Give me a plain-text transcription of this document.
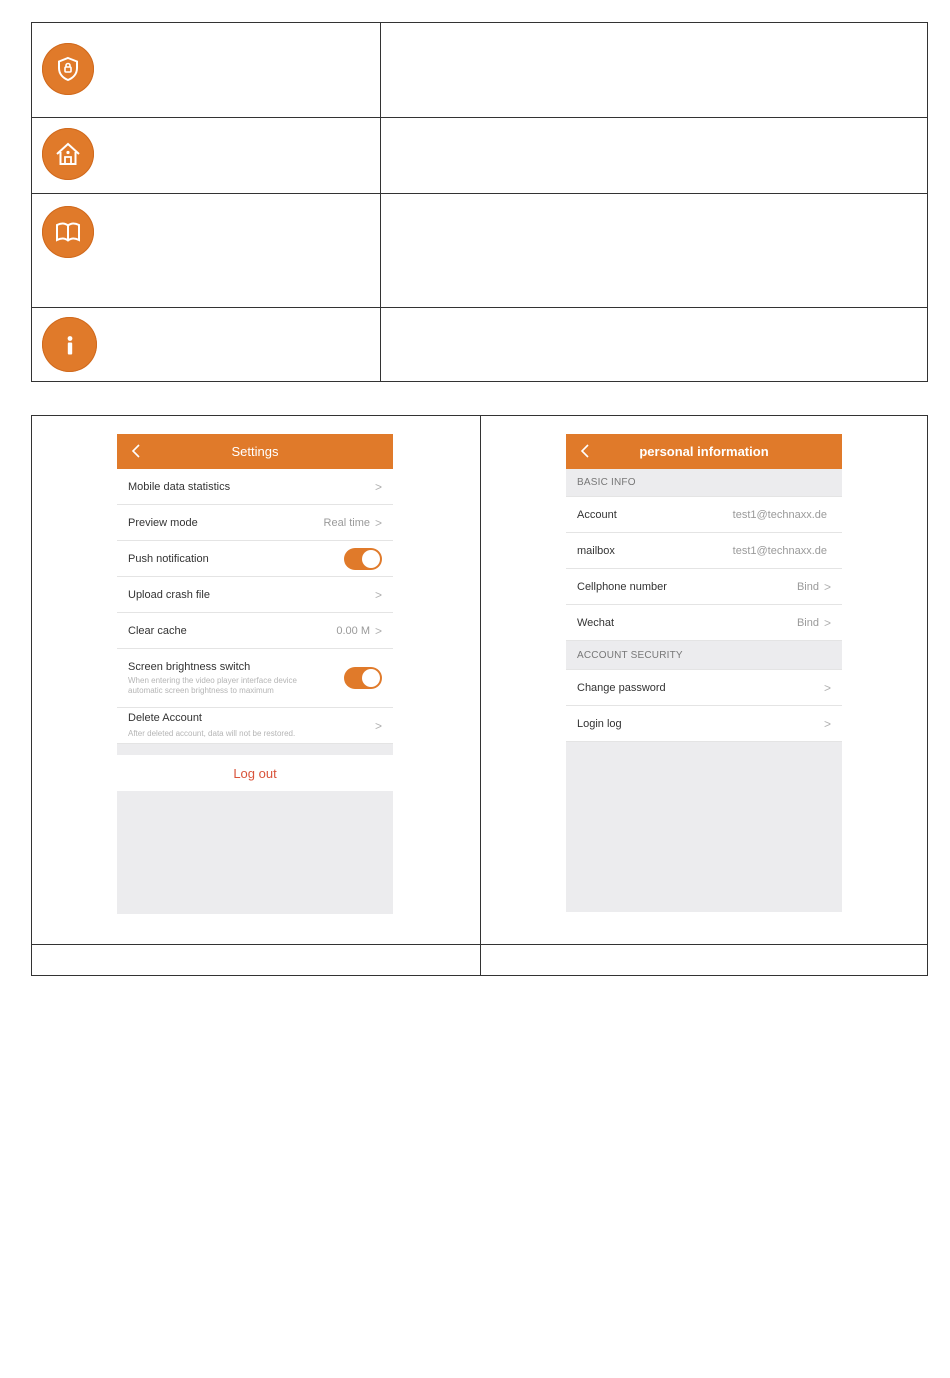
Settings
Mobile data statistics	>
Preview mode	Real time >
Push notification
Upload crash file	>
Clear cache	0.00 M >
Screen brightness switch
When entering the video player interface device automatic screen brightness to maximum
Delete Account
After deleted account, data will not be restored.
>
Log out
personal information
BASIC INFO
Account	test1@technaxx.de
mailbox	test1@technaxx.de
Cellphone number	Bind >
Wechat	Bind >
ACCOUNT SECURITY
Change password	>
Login log	>
